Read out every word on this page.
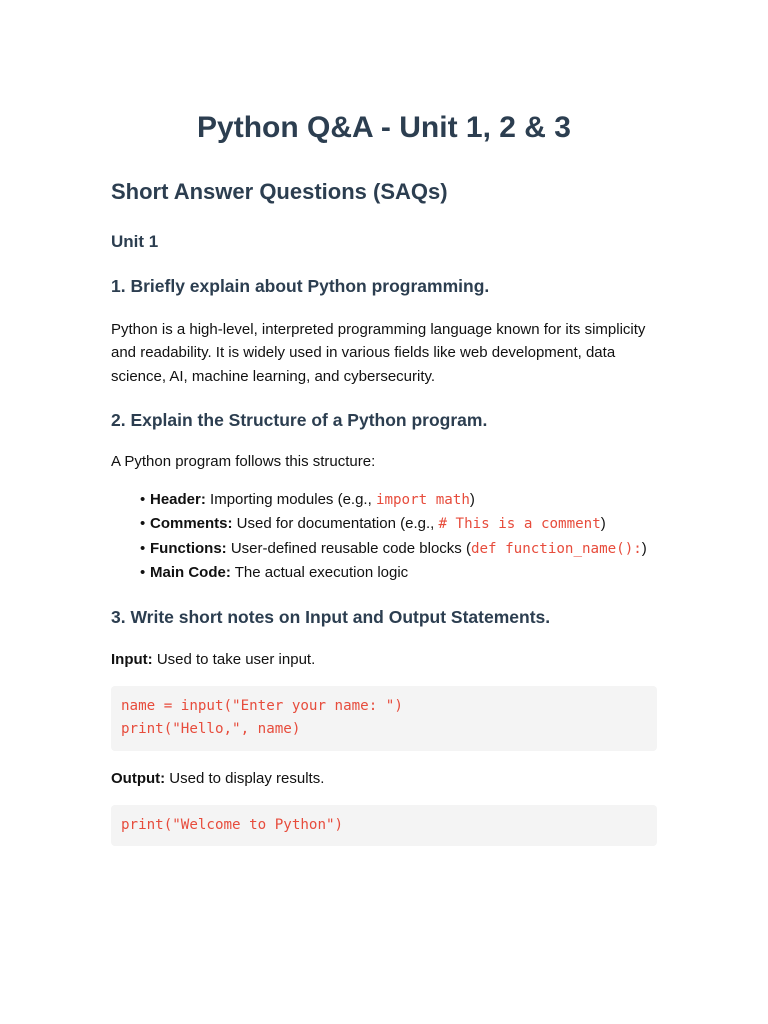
Python Q&A - Unit 1, 2 & 3
Short Answer Questions (SAQs)
Unit 1
1. Briefly explain about Python programming.

Python is a high-level, interpreted programming language known for its simplicity and readability. It is widely used in various fields like web development, data science, AI, machine learning, and cybersecurity.

2. Explain the Structure of a Python program.

A Python program follows this structure:

• Header: Importing modules (e.g., import math)
• Comments: Used for documentation (e.g., # This is a comment)
• Functions: User-defined reusable code blocks (def function_name():)
• Main Code: The actual execution logic
3. Write short notes on Input and Output Statements.

Input: Used to take user input.

name = input("Enter your name: ")
print("Hello,", name)

Output: Used to display results.

print("Welcome to Python")
